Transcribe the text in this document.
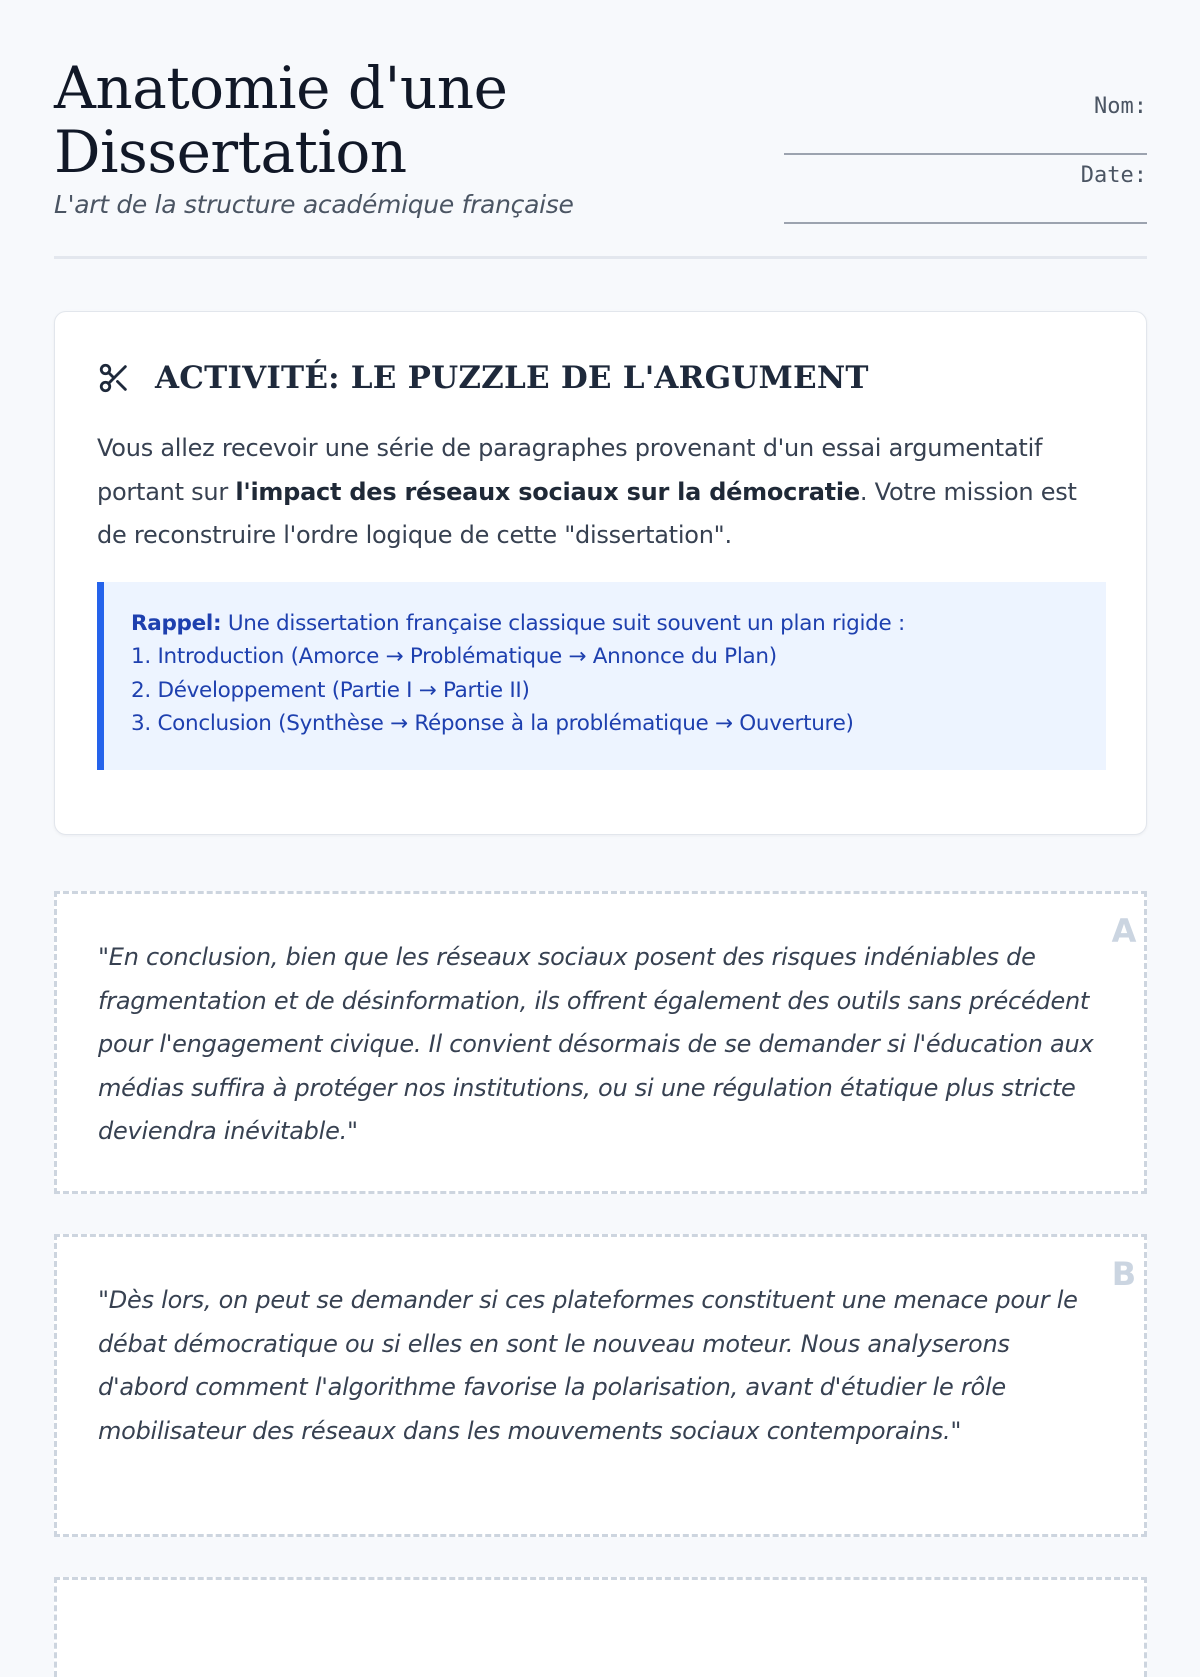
Anatomie d'une
Dissertation

L'art de la structure académique française

Nom:
Date:
ACTIVITÉ: LE PUZZLE DE L'ARGUMENT

Vous allez recevoir une série de paragraphes provenant d'un essai argumentatif portant sur l'impact des réseaux sociaux sur la démocratie. Votre mission est de reconstruire l'ordre logique de cette "dissertation".

Rappel: Une dissertation française classique suit souvent un plan rigide :
1. Introduction (Amorce → Problématique → Annonce du Plan)
2. Développement (Partie I → Partie II)
3. Conclusion (Synthèse → Réponse à la problématique → Ouverture)
A

"En conclusion, bien que les réseaux sociaux posent des risques indéniables de fragmentation et de désinformation, ils offrent également des outils sans précédent pour l'engagement civique. Il convient désormais de se demander si l'éducation aux médias suffira à protéger nos institutions, ou si une régulation étatique plus stricte deviendra inévitable."

B

"Dès lors, on peut se demander si ces plateformes constituent une menace pour le débat démocratique ou si elles en sont le nouveau moteur. Nous analyserons d'abord comment l'algorithme favorise la polarisation, avant d'étudier le rôle mobilisateur des réseaux dans les mouvements sociaux contemporains."
